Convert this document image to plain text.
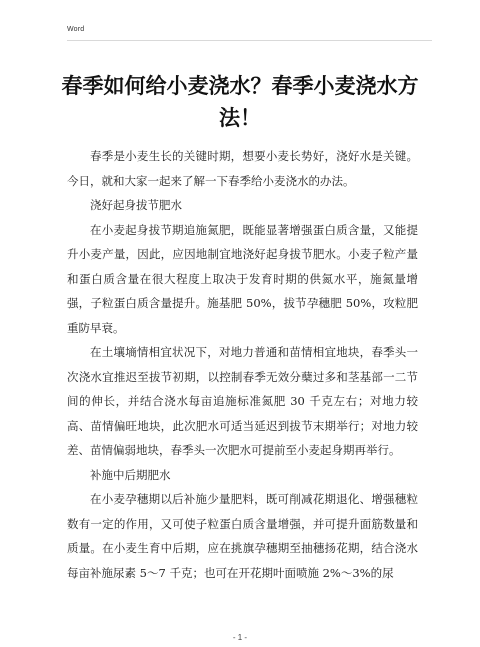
Word
春季如何给小麦浇水？春季小麦浇水方
法！

春季是小麦生长的关键时期，想要小麦长势好，浇好水是关键。今日，就和大家一起来了解一下春季给小麦浇水的办法。

浇好起身拔节肥水

在小麦起身拔节期追施氮肥，既能显著增强蛋白质含量，又能提升小麦产量，因此，应因地制宜地浇好起身拔节肥水。小麦子粒产量和蛋白质含量在很大程度上取决于发育时期的供氮水平，施氮量增强，子粒蛋白质含量提升。施基肥 50%，拔节孕穗肥 50%，攻粒肥重防早衰。

在土壤墒情相宜状况下，对地力普通和苗情相宜地块，春季头一次浇水宜推迟至拔节初期，以控制春季无效分蘖过多和茎基部一二节间的伸长，并结合浇水每亩追施标准氮肥 30 千克左右；对地力较高、苗情偏旺地块，此次肥水可适当延迟到拔节末期举行；对地力较差、苗情偏弱地块，春季头一次肥水可提前至小麦起身期再举行。

补施中后期肥水

在小麦孕穗期以后补施少量肥料，既可削减花期退化、增强穗粒数有一定的作用，又可使子粒蛋白质含量增强，并可提升面筋数量和质量。在小麦生育中后期，应在挑旗孕穗期至抽穗扬花期，结合浇水每亩补施尿素 5～7 千克；也可在开花期叶面喷施 2%～3%的尿

- 1 -
